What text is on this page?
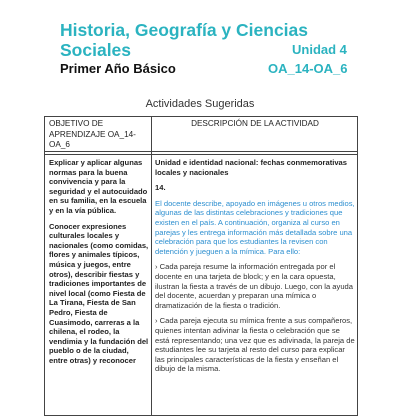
Historia, Geografía y Ciencias Sociales	Unidad 4
Primer Año Básico	OA_14-OA_6
Actividades Sugeridas
OBJETIVO DE APRENDIZAJE OA_14-OA_6
DESCRIPCIÓN DE LA ACTIVIDAD

Explicar y aplicar algunas normas para la buena convivencia y para la seguridad y el autocuidado en su familia, en la escuela y en la vía pública.

Conocer expresiones culturales locales y nacionales (como comidas, flores y animales típicos, música y juegos, entre otros), describir fiestas y tradiciones importantes de nivel local (como Fiesta de La Tirana, Fiesta de San Pedro, Fiesta de Cuasimodo, carreras a la chilena, el rodeo, la vendimia y la fundación del pueblo o de la ciudad, entre otras) y reconocer

Unidad e identidad nacional: fechas conmemorativas locales y nacionales

14.

El docente describe, apoyado en imágenes u otros medios, algunas de las distintas celebraciones y tradiciones que existen en el país. A continuación, organiza al curso en parejas y les entrega información más detallada sobre una celebración para que los estudiantes la revisen con detención y jueguen a la mímica. Para ello:

› Cada pareja resume la información entregada por el docente en una tarjeta de block; y en la cara opuesta, ilustran la fiesta a través de un dibujo. Luego, con la ayuda del docente, acuerdan y preparan una mímica o dramatización de la fiesta o tradición.

› Cada pareja ejecuta su mímica frente a sus compañeros, quienes intentan adivinar la fiesta o celebración que se está representando; una vez que es adivinada, la pareja de estudiantes lee su tarjeta al resto del curso para explicar las principales características de la fiesta y enseñan el dibujo de la misma.
